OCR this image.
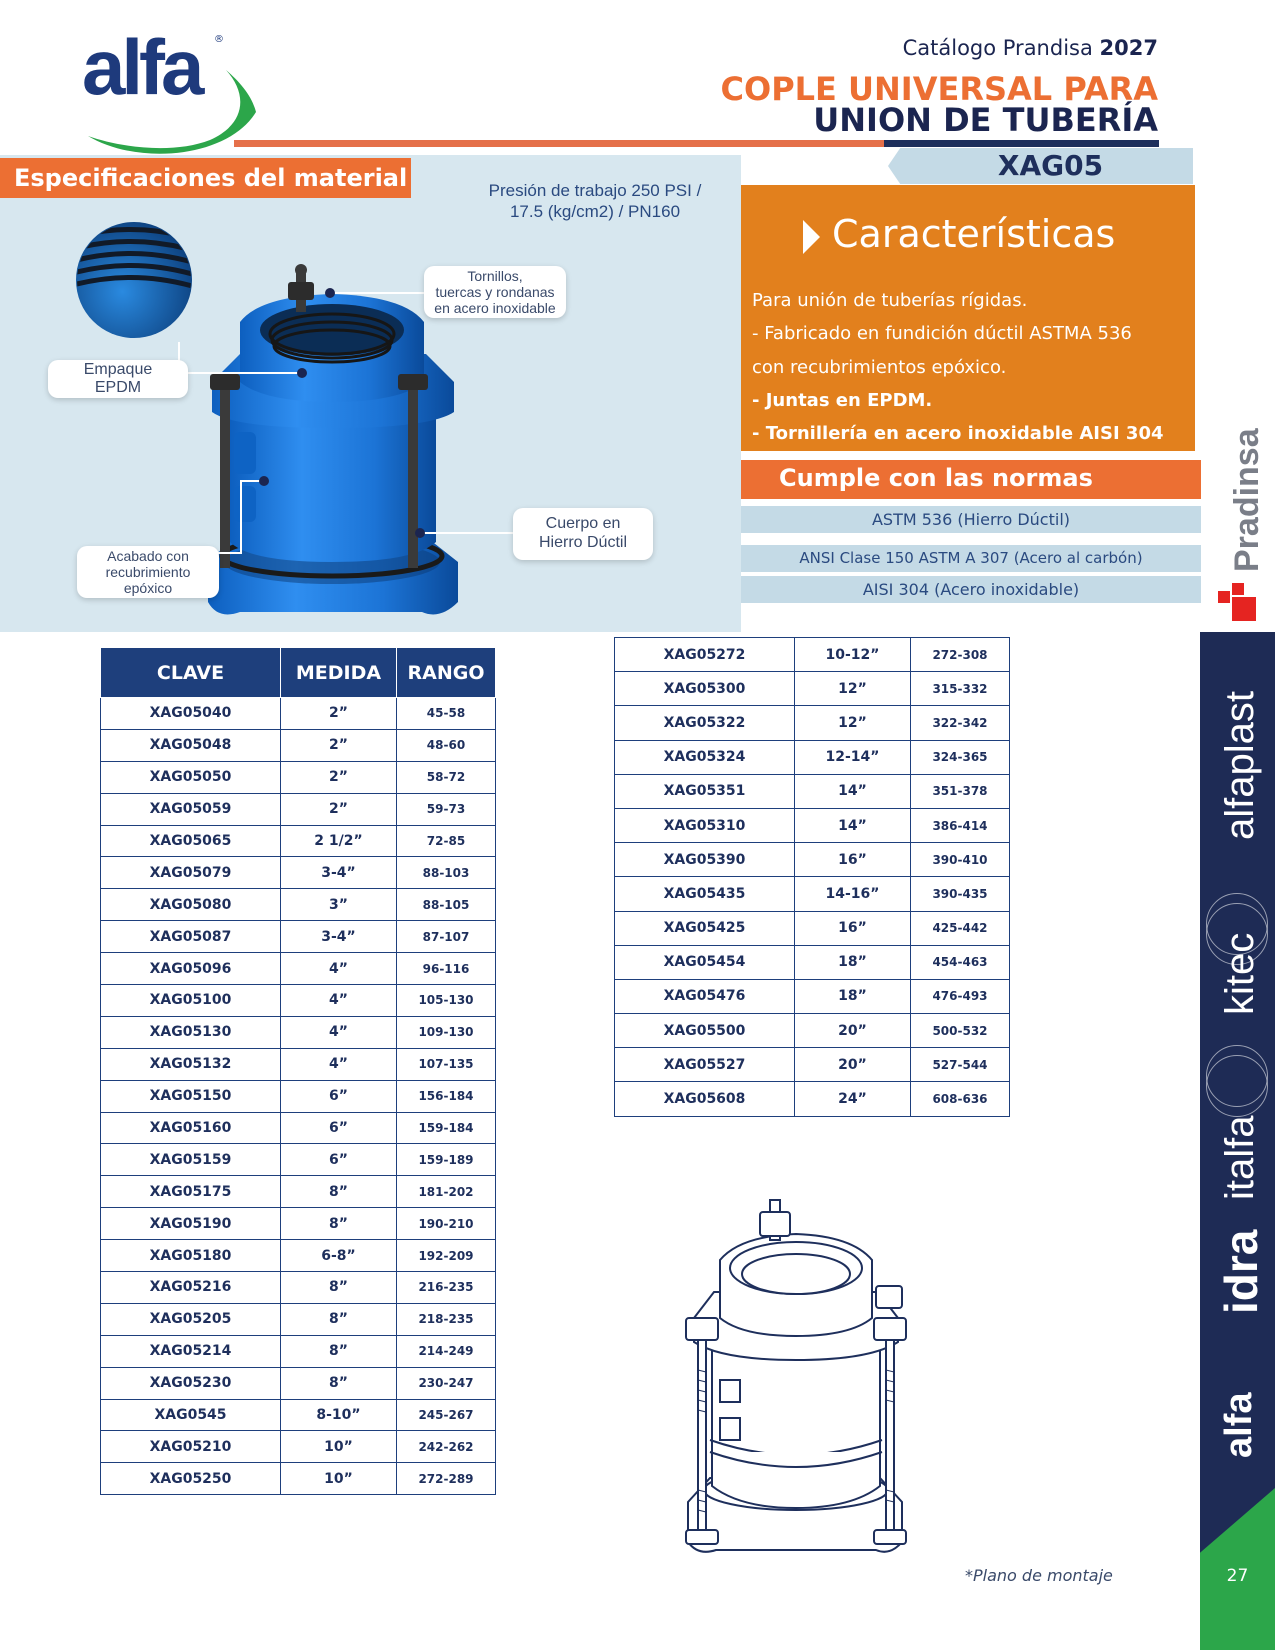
alfa ®	Catálogo Prandisa 2027
COPLE UNIVERSAL PARA
UNION DE TUBERÍA
Especificaciones del material	Presión de trabajo 250 PSI /
17.5 (kg/cm2) / PN160
Tornillos,
tuercas y rondanas
en acero inoxidable
Empaque
EPDM
Cuerpo en
Hierro Dúctil
Acabado con
recubrimiento
epóxico
XAG05
Características
Para unión de tuberías rígidas.
- Fabricado en fundición dúctil ASTMA 536
con recubrimientos epóxico.
- Juntas en EPDM.
- Tornillería en acero inoxidable AISI 304
Cumple con las normas
ASTM 536 (Hierro Dúctil)
ANSI Clase 150 ASTM A 307 (Acero al carbón)
AISI 304 (Acero inoxidable)
CLAVE	MEDIDA	RANGO
XAG05040	2”	45-58
XAG05048	2”	48-60
XAG05050	2”	58-72
XAG05059	2”	59-73
XAG05065	2 1/2”	72-85
XAG05079	3-4”	88-103
XAG05080	3”	88-105
XAG05087	3-4”	87-107
XAG05096	4”	96-116
XAG05100	4”	105-130
XAG05130	4”	109-130
XAG05132	4”	107-135
XAG05150	6”	156-184
XAG05160	6”	159-184
XAG05159	6”	159-189
XAG05175	8”	181-202
XAG05190	8”	190-210
XAG05180	6-8”	192-209
XAG05216	8”	216-235
XAG05205	8”	218-235
XAG05214	8”	214-249
XAG05230	8”	230-247
XAG0545	8-10”	245-267
XAG05210	10”	242-262
XAG05250	10”	272-289
XAG05272	10-12”	272-308
XAG05300	12”	315-332
XAG05322	12”	322-342
XAG05324	12-14”	324-365
XAG05351	14”	351-378
XAG05310	14”	386-414
XAG05390	16”	390-410
XAG05435	14-16”	390-435
XAG05425	16”	425-442
XAG05454	18”	454-463
XAG05476	18”	476-493
XAG05500	20”	500-532
XAG05527	20”	527-544
XAG05608	24”	608-636
*Plano de montaje
Pradinsa
alfaplast
kitec
italfa
idra
alfa
27
